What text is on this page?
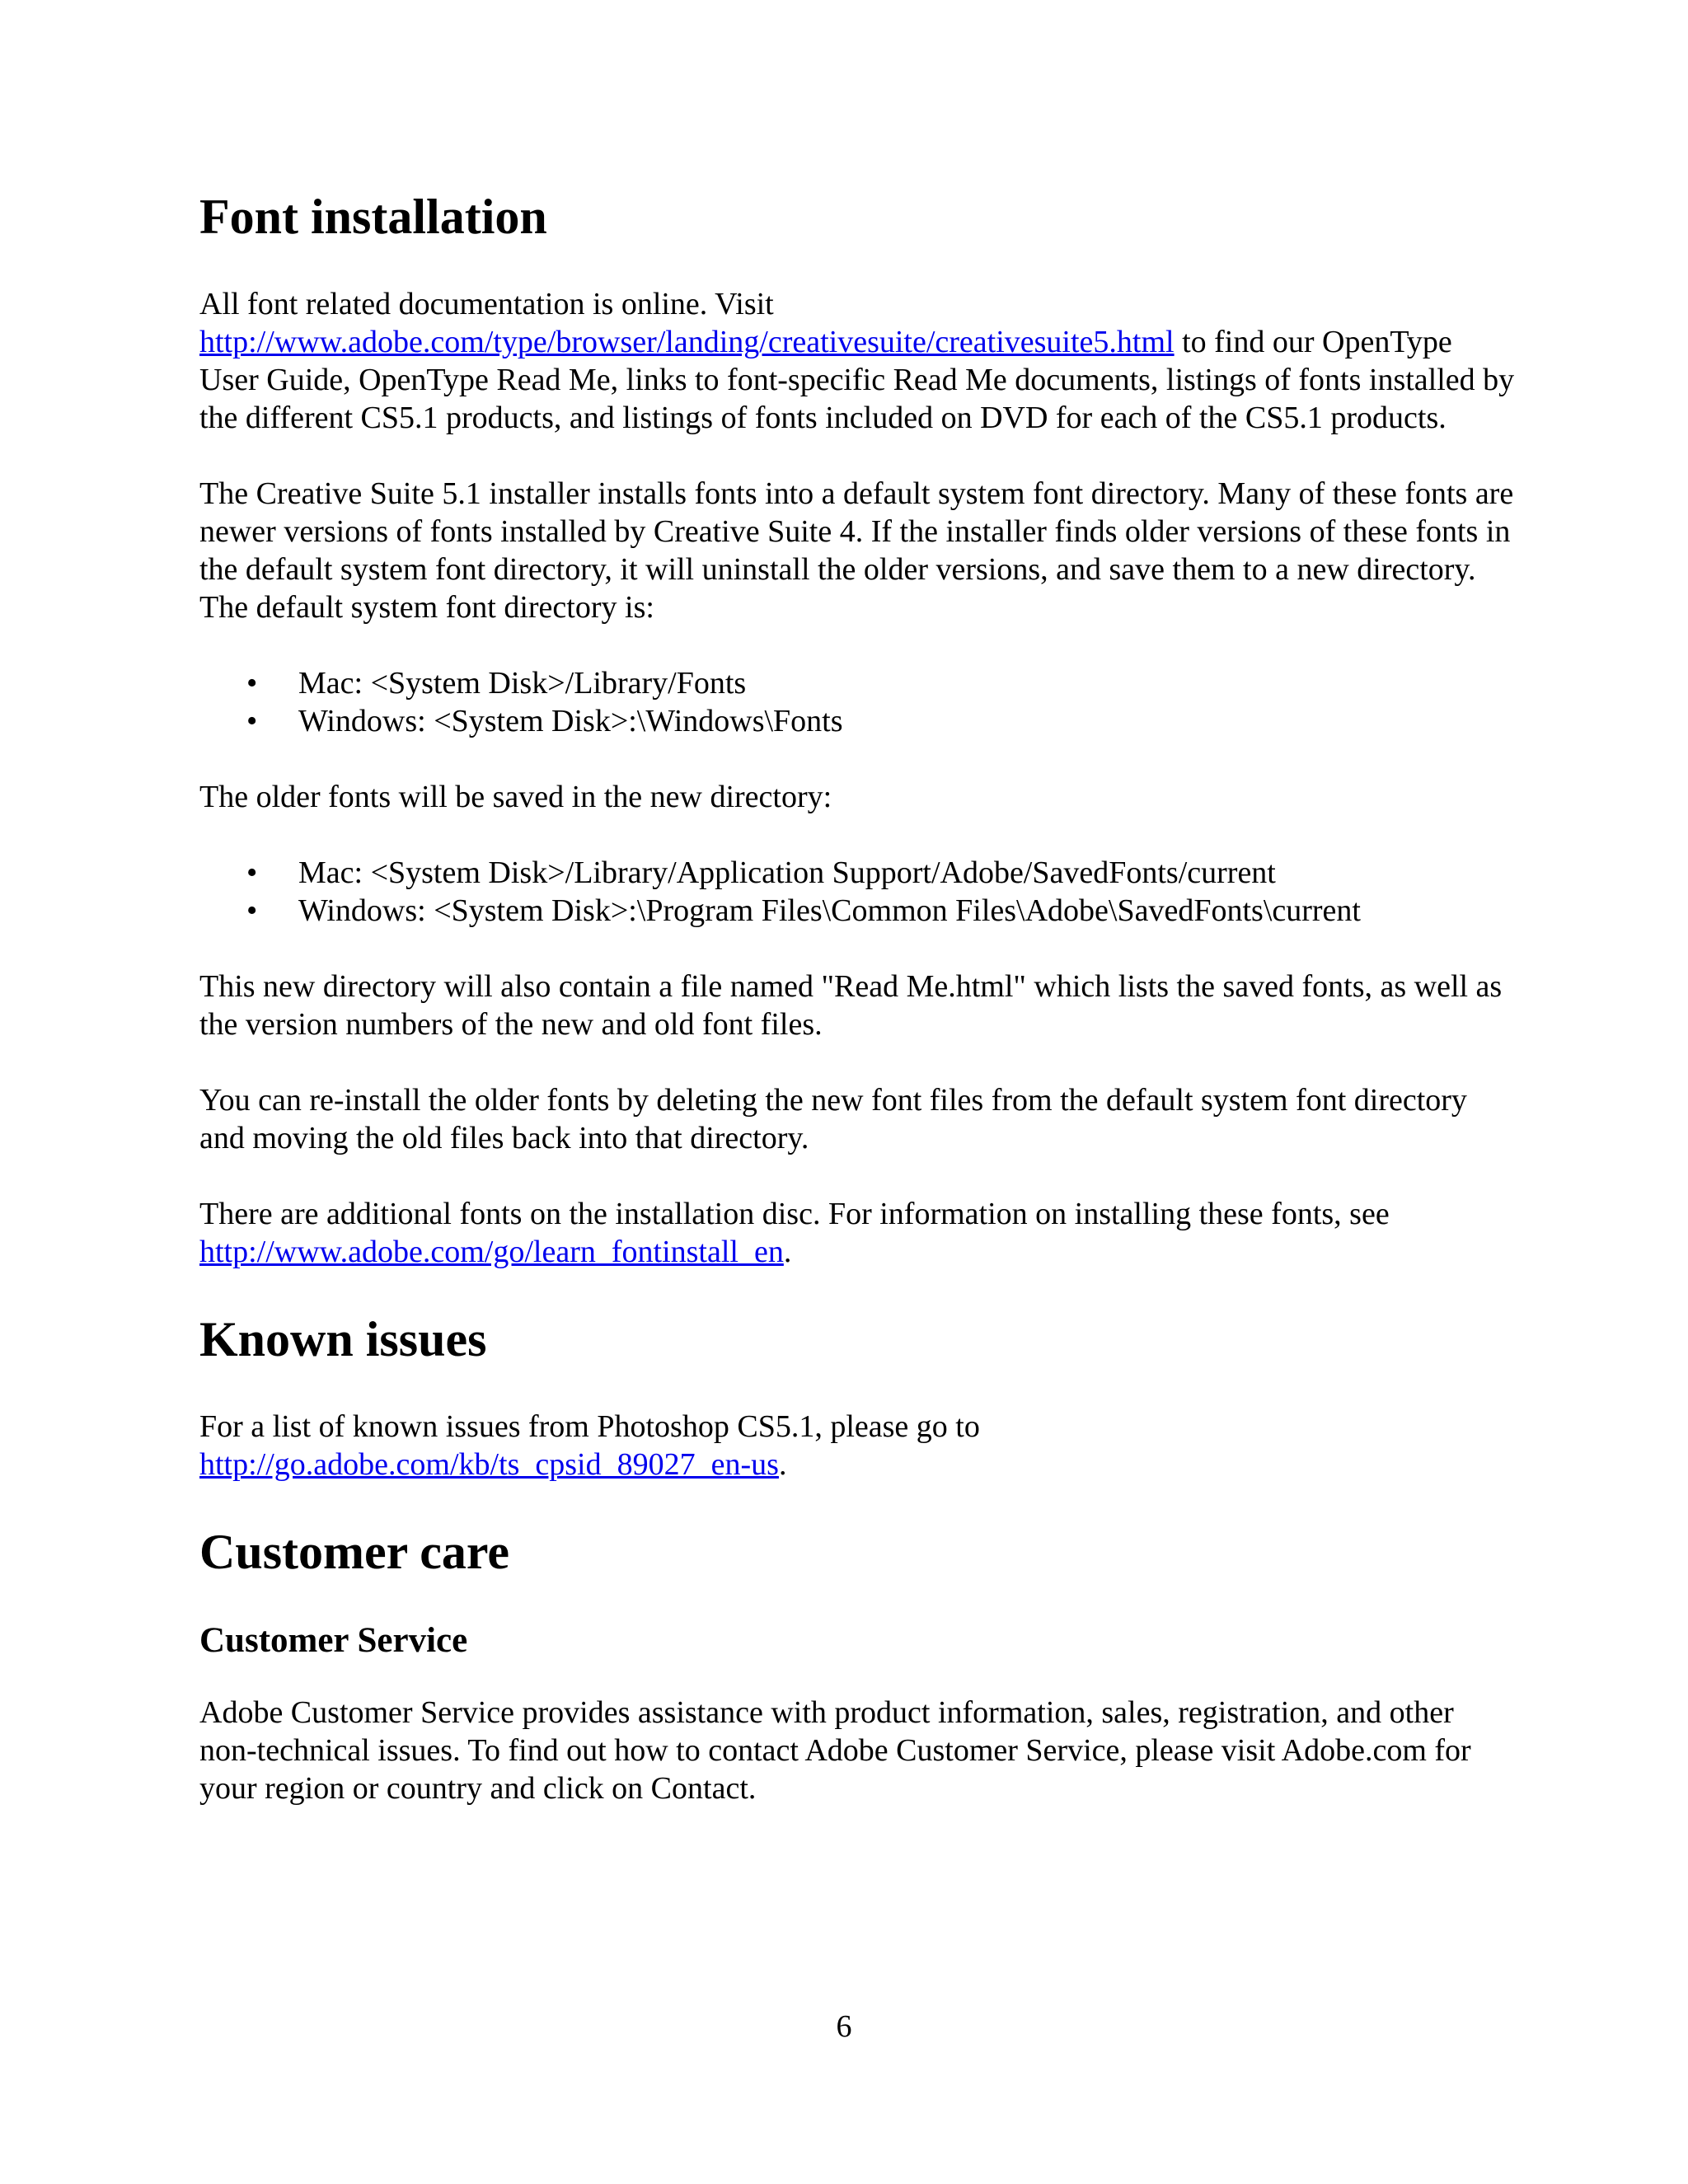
Font installation

All font related documentation is online. Visit
http://www.adobe.com/type/browser/landing/creativesuite/creativesuite5.html to find our OpenType User Guide, OpenType Read Me, links to font-specific Read Me documents, listings of fonts installed by the different CS5.1 products, and listings of fonts included on DVD for each of the CS5.1 products.

The Creative Suite 5.1 installer installs fonts into a default system font directory. Many of these fonts are newer versions of fonts installed by Creative Suite 4. If the installer finds older versions of these fonts in the default system font directory, it will uninstall the older versions, and save them to a new directory. The default system font directory is:

• Mac: <System Disk>/Library/Fonts
• Windows: <System Disk>:\Windows\Fonts

The older fonts will be saved in the new directory:

• Mac: <System Disk>/Library/Application Support/Adobe/SavedFonts/current
• Windows: <System Disk>:\Program Files\Common Files\Adobe\SavedFonts\current

This new directory will also contain a file named "Read Me.html" which lists the saved fonts, as well as the version numbers of the new and old font files.

You can re-install the older fonts by deleting the new font files from the default system font directory and moving the old files back into that directory.

There are additional fonts on the installation disc. For information on installing these fonts, see
http://www.adobe.com/go/learn_fontinstall_en.

Known issues

For a list of known issues from Photoshop CS5.1, please go to
http://go.adobe.com/kb/ts_cpsid_89027_en-us.

Customer care
Customer Service

Adobe Customer Service provides assistance with product information, sales, registration, and other non-technical issues. To find out how to contact Adobe Customer Service, please visit Adobe.com for your region or country and click on Contact.

6
